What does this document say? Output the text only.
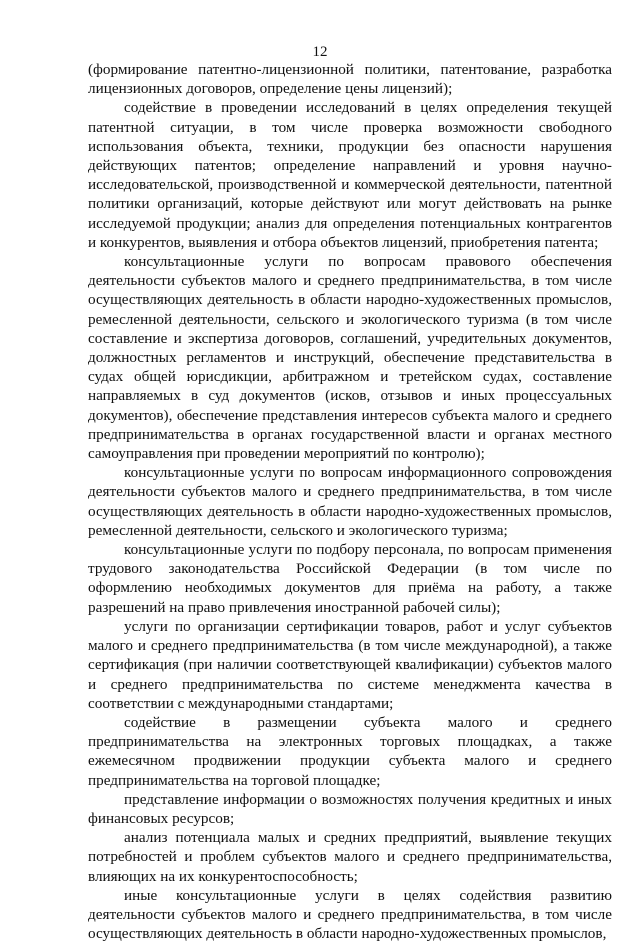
12

(формирование патентно-лицензионной политики, патентование, разработка лицензионных договоров, определение цены лицензий);

содействие в проведении исследований в целях определения текущей патентной ситуации, в том числе проверка возможности свободного использования объекта, техники, продукции без опасности нарушения действующих патентов; определение направлений и уровня научно-исследовательской, производственной и коммерческой деятельности, патентной политики организаций, которые действуют или могут действовать на рынке исследуемой продукции; анализ для определения потенциальных контрагентов и конкурентов, выявления и отбора объектов лицензий, приобретения патента;

консультационные услуги по вопросам правового обеспечения деятельности субъектов малого и среднего предпринимательства, в том числе осуществляющих деятельность в области народно-художественных промыслов, ремесленной деятельности, сельского и экологического туризма (в том числе составление и экспертиза договоров, соглашений, учредительных документов, должностных регламентов и инструкций, обеспечение представительства в судах общей юрисдикции, арбитражном и третейском судах, составление направляемых в суд документов (исков, отзывов и иных процессуальных документов), обеспечение представления интересов субъекта малого и среднего предпринимательства в органах государственной власти и органах местного самоуправления при проведении мероприятий по контролю);

консультационные услуги по вопросам информационного сопровождения деятельности субъектов малого и среднего предпринимательства, в том числе осуществляющих деятельность в области народно-художественных промыслов, ремесленной деятельности, сельского и экологического туризма;

консультационные услуги по подбору персонала, по вопросам применения трудового законодательства Российской Федерации (в том числе по оформлению необходимых документов для приёма на работу, а также разрешений на право привлечения иностранной рабочей силы);

услуги по организации сертификации товаров, работ и услуг субъектов малого и среднего предпринимательства (в том числе международной), а также сертификация (при наличии соответствующей квалификации) субъектов малого и среднего предпринимательства по системе менеджмента качества в соответствии с международными стандартами;

содействие в размещении субъекта малого и среднего предпринимательства на электронных торговых площадках, а также ежемесячном продвижении продукции субъекта малого и среднего предпринимательства на торговой площадке;

представление информации о возможностях получения кредитных и иных финансовых ресурсов;

анализ потенциала малых и средних предприятий, выявление текущих потребностей и проблем субъектов малого и среднего предпринимательства, влияющих на их конкурентоспособность;

иные консультационные услуги в целях содействия развитию деятельности субъектов малого и среднего предпринимательства, в том числе осуществляющих деятельность в области народно-художественных промыслов,
